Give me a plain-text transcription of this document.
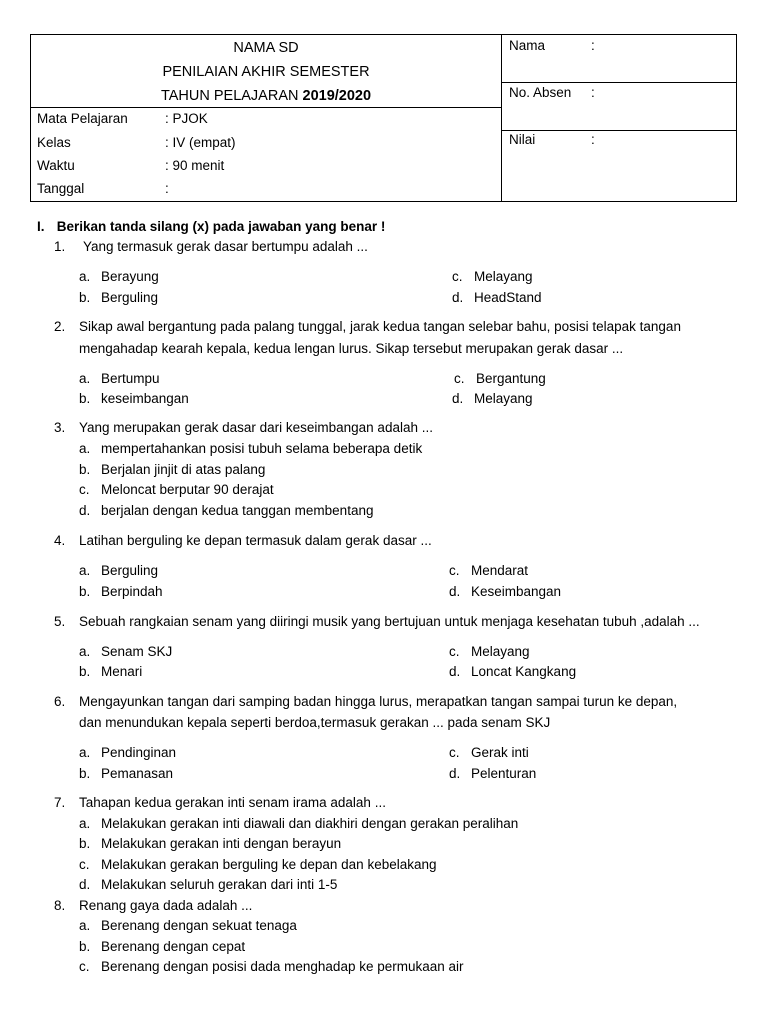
NAMA SD
PENILAIAN AKHIR SEMESTER
TAHUN PELAJARAN 2019/2020
Mata Pelajaran	: PJOK
Kelas	: IV (empat)
Waktu	: 90 menit
Tanggal	:
Nama	:
No. Absen :
Nilai	:
I. Berikan tanda silang (x) pada jawaban yang benar !
1.	Yang termasuk gerak dasar bertumpu adalah ...
a. Berayung
b. Berguling
c. Melayang
d. HeadStand
2.	Sikap awal bergantung pada palang tunggal, jarak kedua tangan selebar bahu, posisi telapak tangan
mengahadap kearah kepala, kedua lengan lurus. Sikap tersebut merupakan gerak dasar ...
a. Bertumpu
b. keseimbangan
c. Bergantung
d. Melayang
3.	Yang merupakan gerak dasar dari keseimbangan adalah ...
a. mempertahankan posisi tubuh selama beberapa detik
b. Berjalan jinjit di atas palang
c. Meloncat berputar 90 derajat
d. berjalan dengan kedua tanggan membentang
4.	Latihan berguling ke depan termasuk dalam gerak dasar ...
a. Berguling
b. Berpindah
c. Mendarat
d. Keseimbangan
5.	Sebuah rangkaian senam yang diiringi musik yang bertujuan untuk menjaga kesehatan tubuh ,adalah ...
a. Senam SKJ
b. Menari
c. Melayang
d. Loncat Kangkang
6.	Mengayunkan tangan dari samping badan hingga lurus, merapatkan tangan sampai turun ke depan,
dan menundukan kepala seperti berdoa,termasuk gerakan ... pada senam SKJ
a. Pendinginan
b. Pemanasan
c. Gerak inti
d. Pelenturan
7.	Tahapan kedua gerakan inti senam irama adalah ...
a. Melakukan gerakan inti diawali dan diakhiri dengan gerakan peralihan
b. Melakukan gerakan inti dengan berayun
c. Melakukan gerakan berguling ke depan dan kebelakang
d. Melakukan seluruh gerakan dari inti 1-5
8.	Renang gaya dada adalah ...
a. Berenang dengan sekuat tenaga
b. Berenang dengan cepat
c. Berenang dengan posisi dada menghadap ke permukaan air
